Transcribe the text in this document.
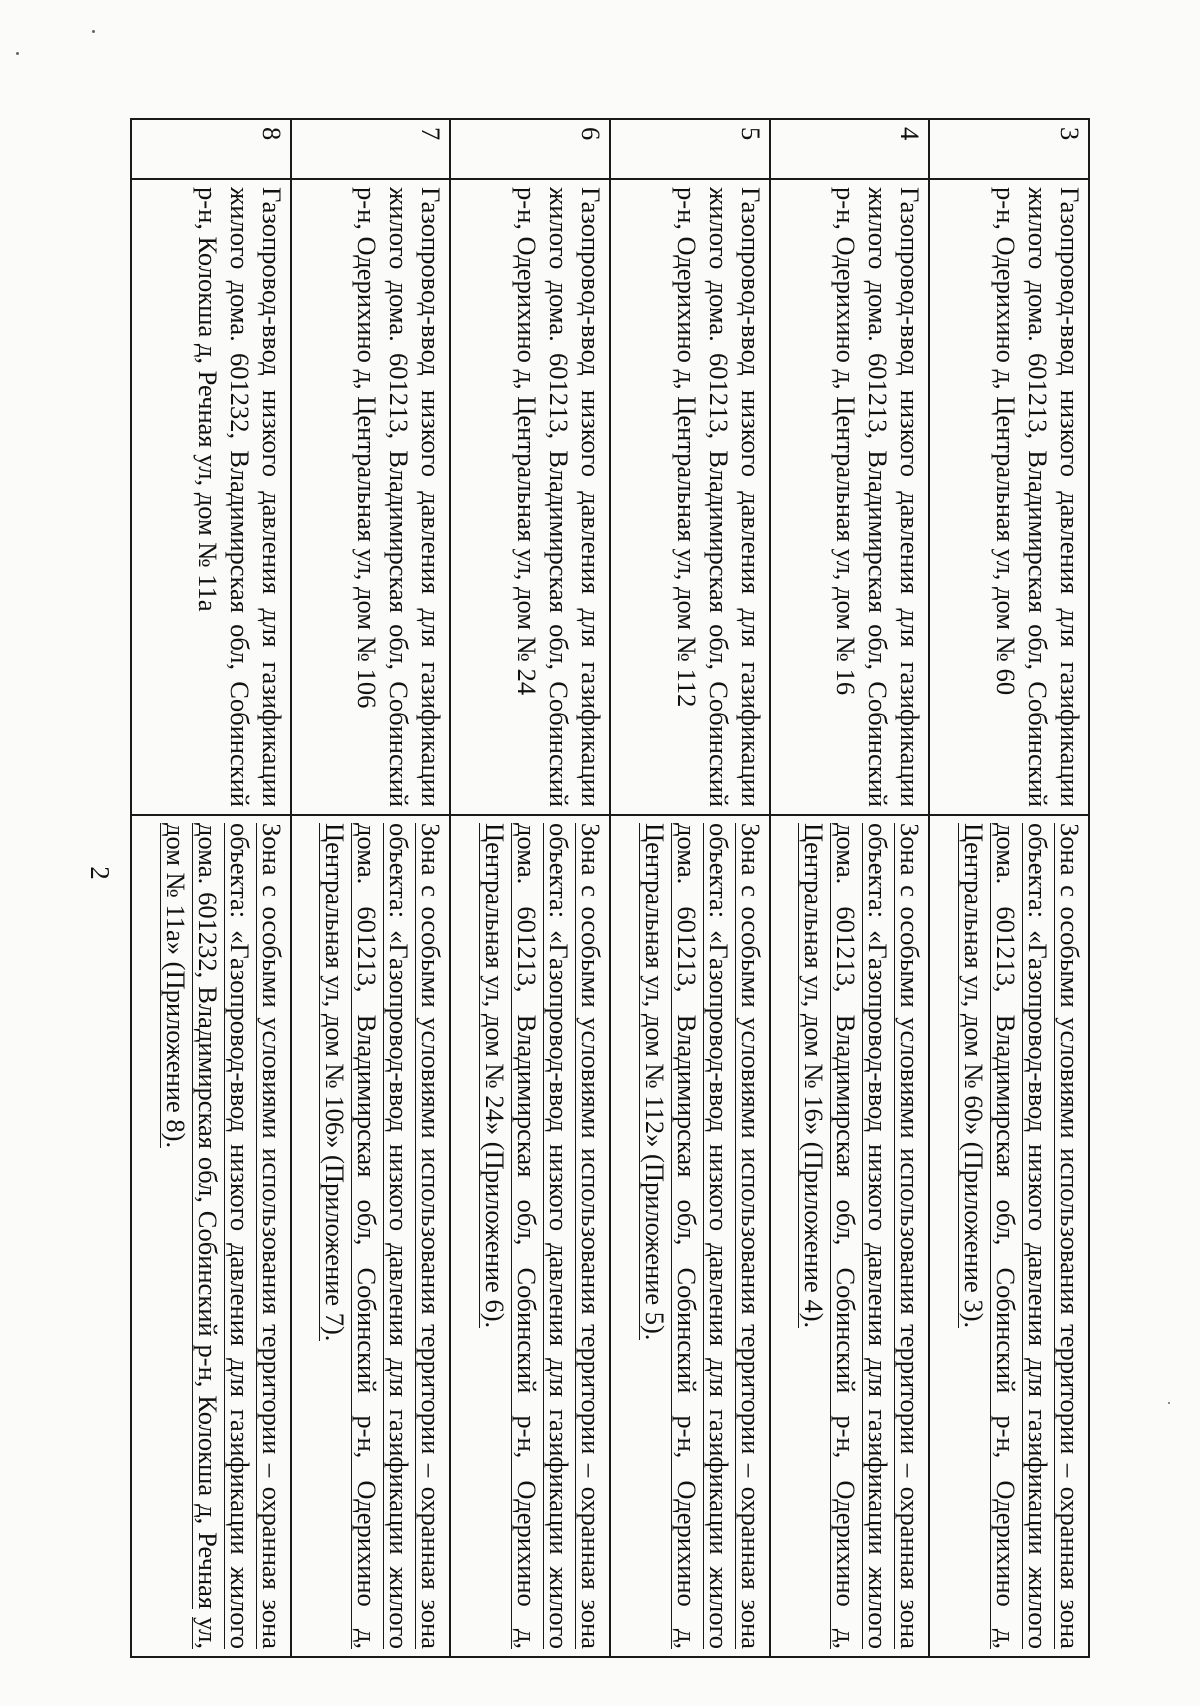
2
3	Газопровод-ввод низкого давления для газификации жилого дома. 601213, Владимирская обл, Собинский р-н, Одерихино д, Центральная ул, дом № 60	Зона с особыми условиями использования территории – охранная зона объекта: «Газопровод-ввод низкого давления для газификации жилого дома. 601213, Владимирская обл, Собинский р-н, Одерихино д, Центральная ул, дом № 60» (Приложение 3).
4	Газопровод-ввод низкого давления для газификации жилого дома. 601213, Владимирская обл, Собинский р-н, Одерихино д, Центральная ул, дом № 16	Зона с особыми условиями использования территории – охранная зона объекта: «Газопровод-ввод низкого давления для газификации жилого дома. 601213, Владимирская обл, Собинский р-н, Одерихино д, Центральная ул, дом № 16» (Приложение 4).
5	Газопровод-ввод низкого давления для газификации жилого дома. 601213, Владимирская обл, Собинский р-н, Одерихино д, Центральная ул, дом № 112	Зона с особыми условиями использования территории – охранная зона объекта: «Газопровод-ввод низкого давления для газификации жилого дома. 601213, Владимирская обл, Собинский р-н, Одерихино д, Центральная ул, дом № 112» (Приложение 5).
6	Газопровод-ввод низкого давления для газификации жилого дома. 601213, Владимирская обл, Собинский р-н, Одерихино д, Центральная ул, дом № 24	Зона с особыми условиями использования территории – охранная зона объекта: «Газопровод-ввод низкого давления для газификации жилого дома. 601213, Владимирская обл, Собинский р-н, Одерихино д, Центральная ул, дом № 24» (Приложение 6).
7	Газопровод-ввод низкого давления для газификации жилого дома. 601213, Владимирская обл, Собинский р-н, Одерихино д, Центральная ул, дом № 106	Зона с особыми условиями использования территории – охранная зона объекта: «Газопровод-ввод низкого давления для газификации жилого дома. 601213, Владимирская обл, Собинский р-н, Одерихино д, Центральная ул, дом № 106» (Приложение 7).
8	Газопровод-ввод низкого давления для газификации жилого дома. 601232, Владимирская обл, Собинский р-н, Колокша д, Речная ул, дом № 11а	Зона с особыми условиями использования территории – охранная зона объекта: «Газопровод-ввод низкого давления для газификации жилого дома. 601232, Владимирская обл, Собинский р-н, Колокша д, Речная ул, дом № 11а» (Приложение 8).
